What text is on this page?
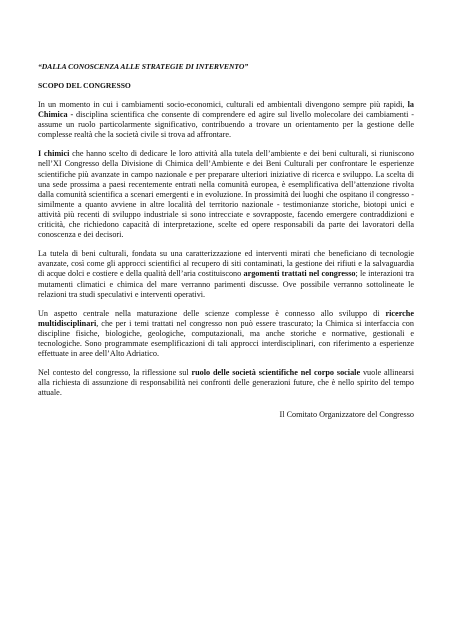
“DALLA CONOSCENZA ALLE STRATEGIE DI INTERVENTO”
SCOPO DEL CONGRESSO

In un momento in cui i cambiamenti socio-economici, culturali ed ambientali divengono sempre più rapidi, la Chimica - disciplina scientifica che consente di comprendere ed agire sul livello molecolare dei cambiamenti - assume un ruolo particolarmente significativo, contribuendo a trovare un orientamento per la gestione delle complesse realtà che la società civile si trova ad affrontare.

I chimici che hanno scelto di dedicare le loro attività alla tutela dell’ambiente e dei beni culturali, si riuniscono nell’XI Congresso della Divisione di Chimica dell’Ambiente e dei Beni Culturali per confrontare le esperienze scientifiche più avanzate in campo nazionale e per preparare ulteriori iniziative di ricerca e sviluppo. La scelta di una sede prossima a paesi recentemente entrati nella comunità europea, è esemplificativa dell’attenzione rivolta dalla comunità scientifica a scenari emergenti e in evoluzione. In prossimità dei luoghi che ospitano il congresso - similmente a quanto avviene in altre località del territorio nazionale - testimonianze storiche, biotopi unici e attività più recenti di sviluppo industriale si sono intrecciate e sovrapposte, facendo emergere contraddizioni e criticità, che richiedono capacità di interpretazione, scelte ed opere responsabili da parte dei lavoratori della conoscenza e dei decisori.

La tutela di beni culturali, fondata su una caratterizzazione ed interventi mirati che beneficiano di tecnologie avanzate, così come gli approcci scientifici al recupero di siti contaminati, la gestione dei rifiuti e la salvaguardia di acque dolci e costiere e della qualità dell’aria costituiscono argomenti trattati nel congresso; le interazioni tra mutamenti climatici e chimica del mare verranno parimenti discusse. Ove possibile verranno sottolineate le relazioni tra studi speculativi e interventi operativi.

Un aspetto centrale nella maturazione delle scienze complesse è connesso allo sviluppo di ricerche multidisciplinari, che per i temi trattati nel congresso non può essere trascurato; la Chimica si interfaccia con discipline fisiche, biologiche, geologiche, computazionali, ma anche storiche e normative, gestionali e tecnologiche. Sono programmate esemplificazioni di tali approcci interdisciplinari, con riferimento a esperienze effettuate in aree dell’Alto Adriatico.

Nel contesto del congresso, la riflessione sul ruolo delle società scientifiche nel corpo sociale vuole allinearsi alla richiesta di assunzione di responsabilità nei confronti delle generazioni future, che è nello spirito del tempo attuale.

Il Comitato Organizzatore del Congresso
